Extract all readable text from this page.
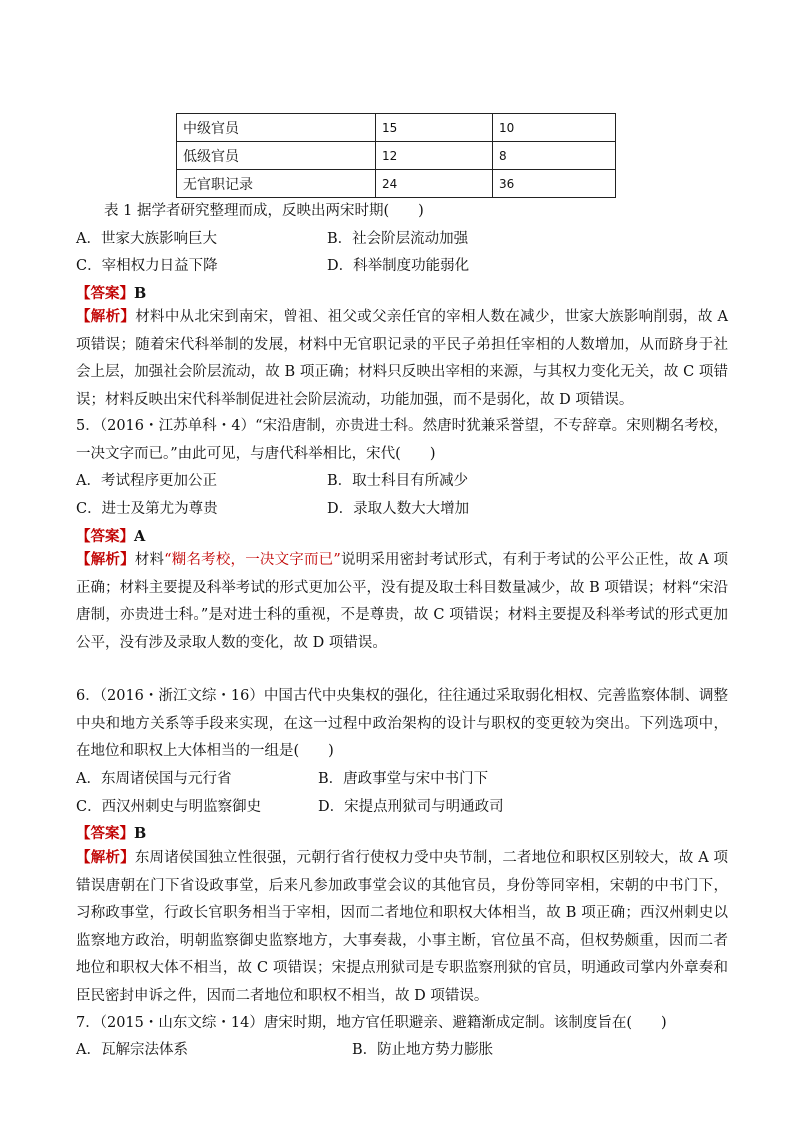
中级官员	15	10
低级官员	12	8
无官职记录	24	36
表 1 据学者研究整理而成，反映出两宋时期(　　)
A．世家大族影响巨大	B．社会阶层流动加强
C．宰相权力日益下降	D．科举制度功能弱化
【答案】B
【解析】材料中从北宋到南宋，曾祖、祖父或父亲任官的宰相人数在减少，世家大族影响削弱，故 A 项错误；随着宋代科举制的发展，材料中无官职记录的平民子弟担任宰相的人数增加，从而跻身于社会上层，加强社会阶层流动，故 B 项正确；材料只反映出宰相的来源，与其权力变化无关，故 C 项错误；材料反映出宋代科举制促进社会阶层流动，功能加强，而不是弱化，故 D 项错误。
5．（2016・江苏单科・4）“宋沿唐制，亦贵进士科。然唐时犹兼采誉望，不专辞章。宋则糊名考校，一决文字而已。”由此可见，与唐代科举相比，宋代(　　)
A．考试程序更加公正	B．取士科目有所减少
C．进士及第尤为尊贵	D．录取人数大大增加
【答案】A
【解析】材料“糊名考校，一决文字而已”说明采用密封考试形式，有利于考试的公平公正性，故 A 项正确；材料主要提及科举考试的形式更加公平，没有提及取士科目数量减少，故 B 项错误；材料“宋沿唐制，亦贵进士科。”是对进士科的重视，不是尊贵，故 C 项错误；材料主要提及科举考试的形式更加公平，没有涉及录取人数的变化，故 D 项错误。
6．（2016・浙江文综・16）中国古代中央集权的强化，往往通过采取弱化相权、完善监察体制、调整中央和地方关系等手段来实现，在这一过程中政治架构的设计与职权的变更较为突出。下列选项中，在地位和职权上大体相当的一组是(　　)
A．东周诸侯国与元行省	B．唐政事堂与宋中书门下
C．西汉州刺史与明监察御史	D．宋提点刑狱司与明通政司
【答案】B
【解析】东周诸侯国独立性很强，元朝行省行使权力受中央节制，二者地位和职权区别较大，故 A 项错误唐朝在门下省设政事堂，后来凡参加政事堂会议的其他官员，身份等同宰相，宋朝的中书门下，习称政事堂，行政长官职务相当于宰相，因而二者地位和职权大体相当，故 B 项正确；西汉州刺史以监察地方政治，明朝监察御史监察地方，大事奏裁，小事主断，官位虽不高，但权势颇重，因而二者地位和职权大体不相当，故 C 项错误；宋提点刑狱司是专职监察刑狱的官员，明通政司掌内外章奏和臣民密封申诉之件，因而二者地位和职权不相当，故 D 项错误。
7．（2015・山东文综・14）唐宋时期，地方官任职避亲、避籍渐成定制。该制度旨在(　　)
A．瓦解宗法体系	B．防止地方势力膨胀
